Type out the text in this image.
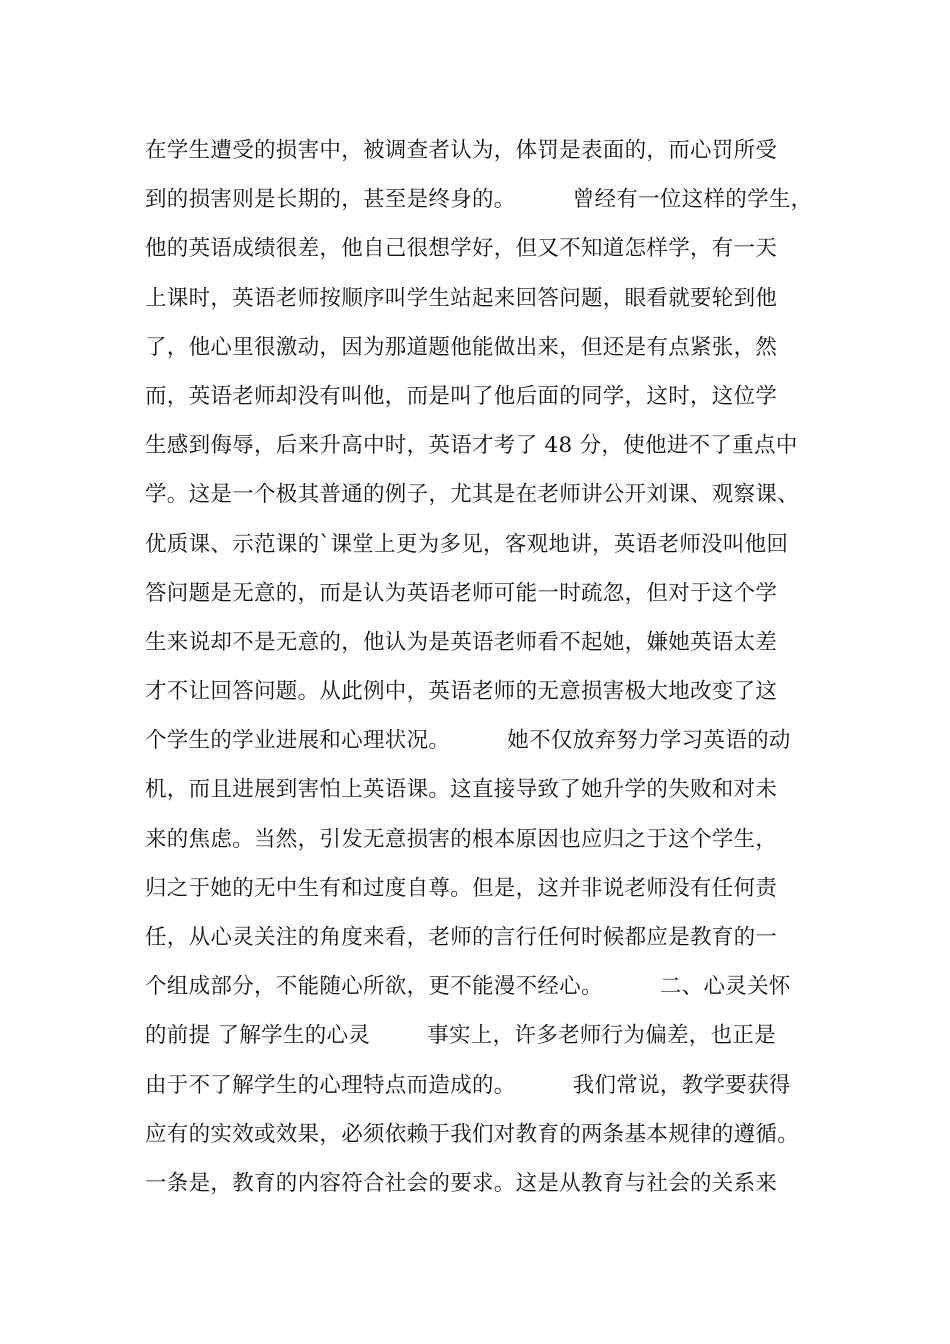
在学生遭受的损害中，被调查者认为，体罚是表面的，而心罚所受
到的损害则是长期的，甚至是终身的。        曾经有一位这样的学生，
他的英语成绩很差，他自己很想学好，但又不知道怎样学，有一天
上课时，英语老师按顺序叫学生站起来回答问题，眼看就要轮到他
了，他心里很激动，因为那道题他能做出来，但还是有点紧张，然
而，英语老师却没有叫他，而是叫了他后面的同学，这时，这位学
生感到侮辱，后来升高中时，英语才考了 48 分，使他进不了重点中
学。这是一个极其普通的例子，尤其是在老师讲公开刘课、观察课、
优质课、示范课的`课堂上更为多见，客观地讲，英语老师没叫他回
答问题是无意的，而是认为英语老师可能一时疏忽，但对于这个学
生来说却不是无意的，他认为是英语老师看不起她，嫌她英语太差
才不让回答问题。从此例中，英语老师的无意损害极大地改变了这
个学生的学业进展和心理状况。        她不仅放弃努力学习英语的动
机，而且进展到害怕上英语课。这直接导致了她升学的失败和对未
来的焦虑。当然，引发无意损害的根本原因也应归之于这个学生，
归之于她的无中生有和过度自尊。但是，这并非说老师没有任何责
任，从心灵关注的角度来看，老师的言行任何时候都应是教育的一
个组成部分，不能随心所欲，更不能漫不经心。        二、心灵关怀
的前提 了解学生的心灵        事实上，许多老师行为偏差，也正是
由于不了解学生的心理特点而造成的。        我们常说，教学要获得
应有的实效或效果，必须依赖于我们对教育的两条基本规律的遵循。
一条是，教育的内容符合社会的要求。这是从教育与社会的关系来
